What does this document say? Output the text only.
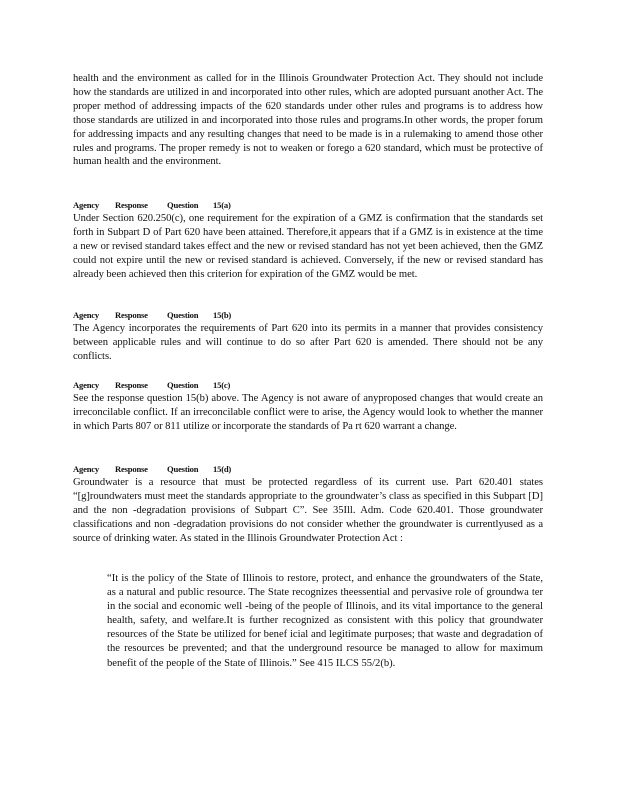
health and the environment as called for in the Illinois Groundwater Protection Act. They should not include how the standards are utilized in and incorporated into other rules, which are adopted pursuant another Act. The proper method of addressing impacts of the 620 standards under other rules and programs is to address how those standards are utilized in and incorporated into those rules and programs.In other words, the proper forum for addressing impacts and any resulting changes that need to be made is in a rulemaking to amend those other rules and programs. The proper remedy is not to weaken or forego a 620 standard, which must be protective of human health and the environment.

Agency Response Question 15(a)

Under Section 620.250(c), one requirement for the expiration of a GMZ is confirmation that the standards set forth in Subpart D of Part 620 have been attained. Therefore,it appears that if a GMZ is in existence at the time a new or revised standard takes effect and the new or revised standard has not yet been achieved, then the GMZ could not expire until the new or revised standard is achieved. Conversely, if the new or revised standard has already been achieved then this criterion for expiration of the GMZ would be met.

Agency Response Question 15(b)

The Agency incorporates the requirements of Part 620 into its permits in a manner that provides consistency between applicable rules and will continue to do so after Part 620 is amended. There should not be any conflicts.

Agency Response Question 15(c)

See the response question 15(b) above. The Agency is not aware of anyproposed changes that would create an irreconcilable conflict. If an irreconcilable conflict were to arise, the Agency would look to whether the manner in which Parts 807 or 811 utilize or incorporate the standards of Pa rt 620 warrant a change.

Agency Response Question 15(d)

Groundwater is a resource that must be protected regardless of its current use. Part 620.401 states “[g]roundwaters must meet the standards appropriate to the groundwater’s class as specified in this Subpart [D] and the non -degradation provisions of Subpart C”. See 35Ill. Adm. Code 620.401. Those groundwater classifications and non -degradation provisions do not consider whether the groundwater is currentlyused as a source of drinking water. As stated in the Illinois Groundwater Protection Act :

“It is the policy of the State of Illinois to restore, protect, and enhance the groundwaters of the State, as a natural and public resource. The State recognizes theessential and pervasive role of groundwa ter in the social and economic well -being of the people of Illinois, and its vital importance to the general health, safety, and welfare.It is further recognized as consistent with this policy that groundwater resources of the State be utilized for benef icial and legitimate purposes; that waste and degradation of the resources be prevented; and that the underground resource be managed to allow for maximum benefit of the people of the State of Illinois.” See 415 ILCS 55/2(b).
